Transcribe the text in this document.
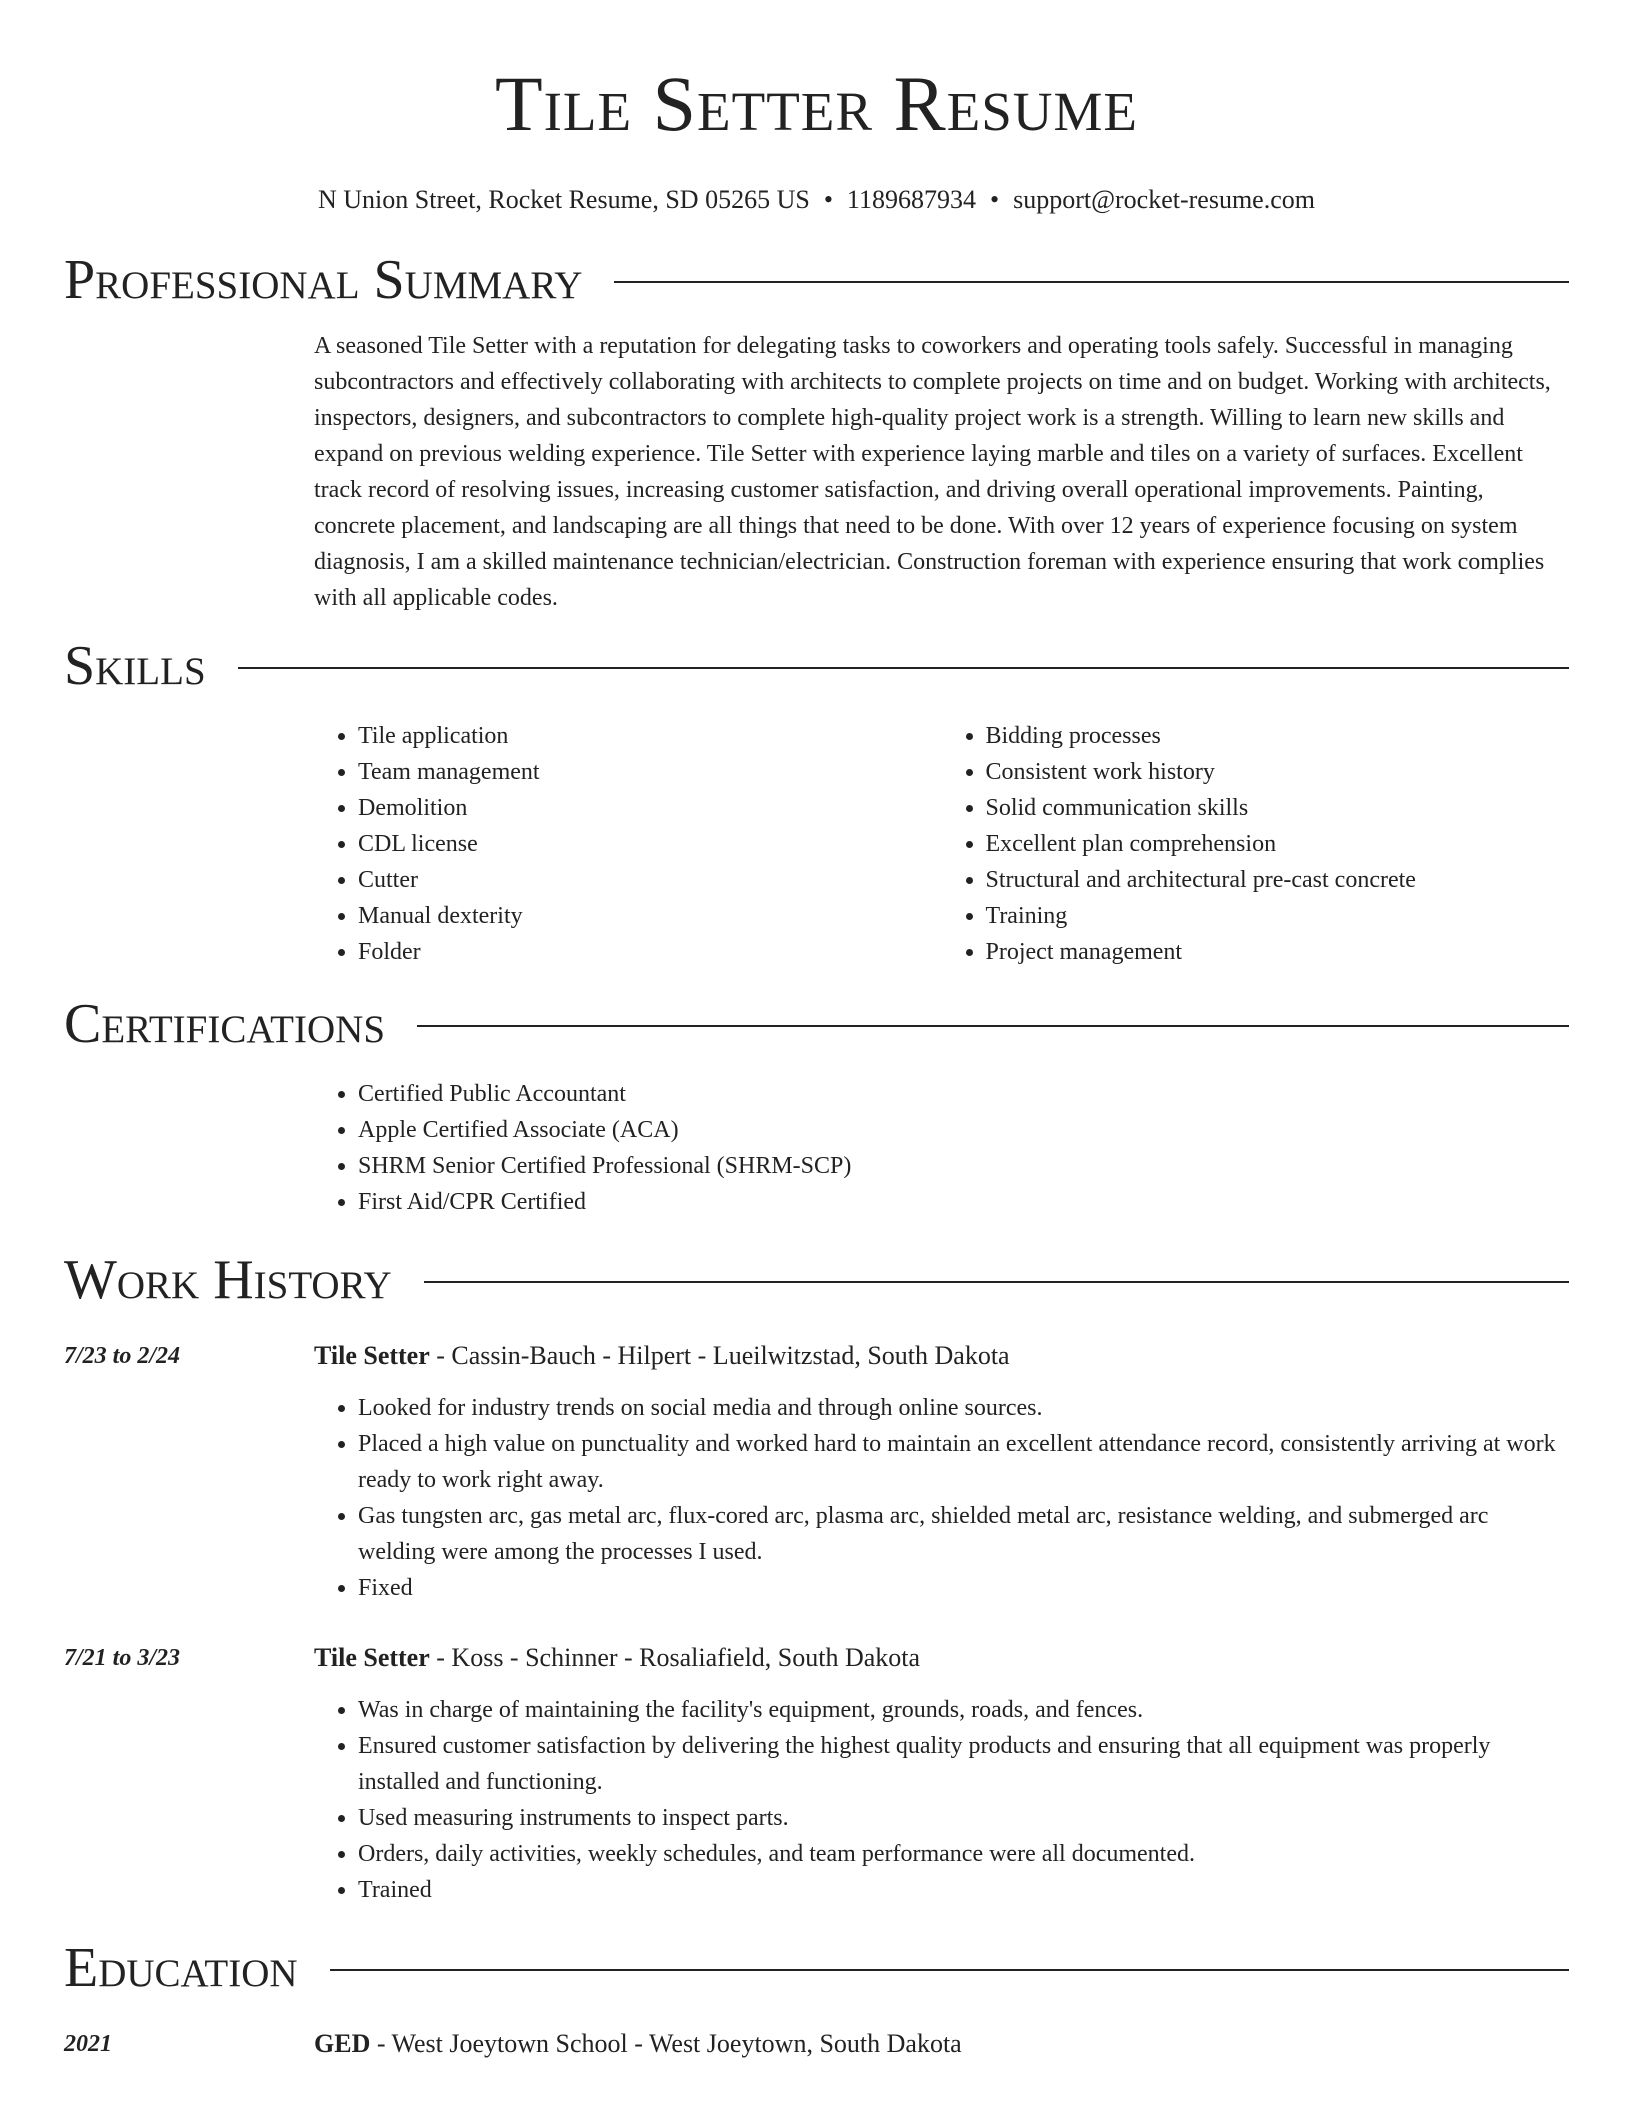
Tile Setter Resume
N Union Street, Rocket Resume, SD 05265 US • 1189687934 • support@rocket-resume.com
Professional Summary
A seasoned Tile Setter with a reputation for delegating tasks to coworkers and operating tools safely. Successful in managing subcontractors and effectively collaborating with architects to complete projects on time and on budget. Working with architects, inspectors, designers, and subcontractors to complete high-quality project work is a strength. Willing to learn new skills and expand on previous welding experience. Tile Setter with experience laying marble and tiles on a variety of surfaces. Excellent track record of resolving issues, increasing customer satisfaction, and driving overall operational improvements. Painting, concrete placement, and landscaping are all things that need to be done. With over 12 years of experience focusing on system diagnosis, I am a skilled maintenance technician/electrician. Construction foreman with experience ensuring that work complies with all applicable codes.
Skills
• Tile application
• Team management
• Demolition
• CDL license
• Cutter
• Manual dexterity
• Folder
• Bidding processes
• Consistent work history
• Solid communication skills
• Excellent plan comprehension
• Structural and architectural pre-cast concrete
• Training
• Project management
Certifications
• Certified Public Accountant
• Apple Certified Associate (ACA)
• SHRM Senior Certified Professional (SHRM-SCP)
• First Aid/CPR Certified
Work History
7/23 to 2/24	Tile Setter - Cassin-Bauch - Hilpert - Lueilwitzstad, South Dakota
• Looked for industry trends on social media and through online sources.
• Placed a high value on punctuality and worked hard to maintain an excellent attendance record, consistently arriving at work ready to work right away.
• Gas tungsten arc, gas metal arc, flux-cored arc, plasma arc, shielded metal arc, resistance welding, and submerged arc welding were among the processes I used.
• Fixed
7/21 to 3/23	Tile Setter - Koss - Schinner - Rosaliafield, South Dakota
• Was in charge of maintaining the facility's equipment, grounds, roads, and fences.
• Ensured customer satisfaction by delivering the highest quality products and ensuring that all equipment was properly installed and functioning.
• Used measuring instruments to inspect parts.
• Orders, daily activities, weekly schedules, and team performance were all documented.
• Trained
Education
2021	GED - West Joeytown School - West Joeytown, South Dakota
